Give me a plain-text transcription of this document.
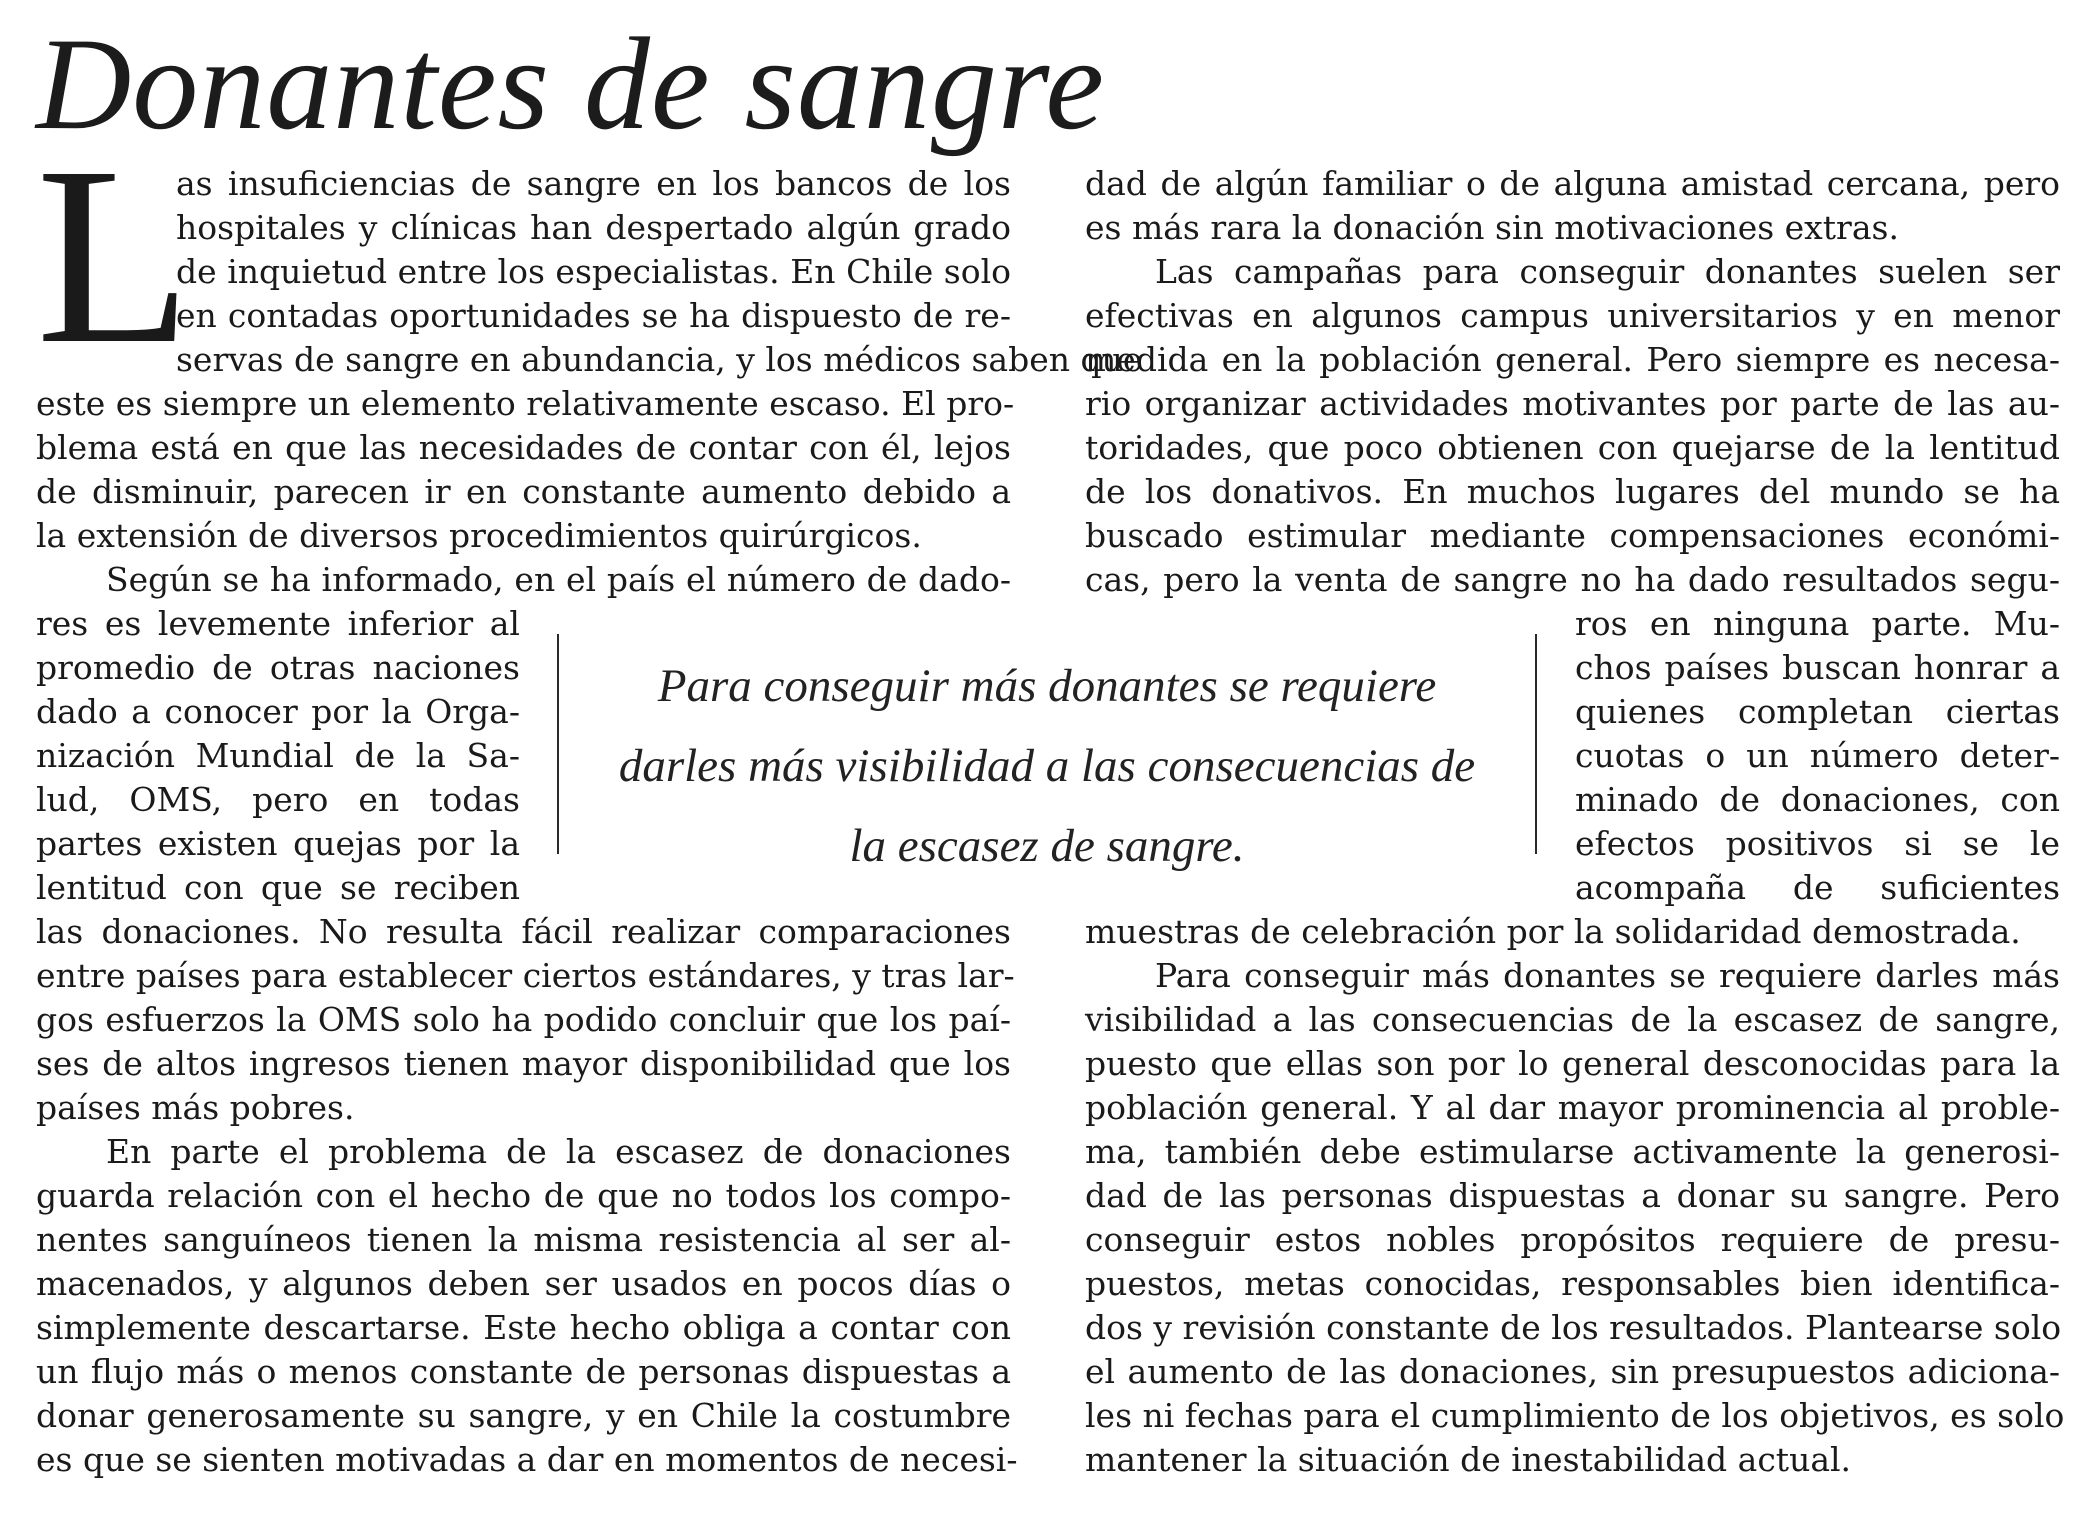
Donantes de sangre
L
as insuficiencias de sangre en los bancos de los
hospitales y clínicas han despertado algún grado
de inquietud entre los especialistas. En Chile solo
en contadas oportunidades se ha dispuesto de re-
servas de sangre en abundancia, y los médicos saben que
este es siempre un elemento relativamente escaso. El pro-
blema está en que las necesidades de contar con él, lejos
de disminuir, parecen ir en constante aumento debido a
la extensión de diversos procedimientos quirúrgicos.
Según se ha informado, en el país el número de dado-
res es levemente inferior al
promedio de otras naciones
dado a conocer por la Orga-
nización Mundial de la Sa-
lud, OMS, pero en todas
partes existen quejas por la
lentitud con que se reciben
las donaciones. No resulta fácil realizar comparaciones
entre países para establecer ciertos estándares, y tras lar-
gos esfuerzos la OMS solo ha podido concluir que los paí-
ses de altos ingresos tienen mayor disponibilidad que los
países más pobres.
En parte el problema de la escasez de donaciones
guarda relación con el hecho de que no todos los compo-
nentes sanguíneos tienen la misma resistencia al ser al-
macenados, y algunos deben ser usados en pocos días o
simplemente descartarse. Este hecho obliga a contar con
un flujo más o menos constante de personas dispuestas a
donar generosamente su sangre, y en Chile la costumbre
es que se sienten motivadas a dar en momentos de necesi-
dad de algún familiar o de alguna amistad cercana, pero
es más rara la donación sin motivaciones extras.
Las campañas para conseguir donantes suelen ser
efectivas en algunos campus universitarios y en menor
medida en la población general. Pero siempre es necesa-
rio organizar actividades motivantes por parte de las au-
toridades, que poco obtienen con quejarse de la lentitud
de los donativos. En muchos lugares del mundo se ha
buscado estimular mediante compensaciones económi-
cas, pero la venta de sangre no ha dado resultados segu-
ros en ninguna parte. Mu-
chos países buscan honrar a
quienes completan ciertas
cuotas o un número deter-
minado de donaciones, con
efectos positivos si se le
acompaña de suficientes
muestras de celebración por la solidaridad demostrada.
Para conseguir más donantes se requiere darles más
visibilidad a las consecuencias de la escasez de sangre,
puesto que ellas son por lo general desconocidas para la
población general. Y al dar mayor prominencia al proble-
ma, también debe estimularse activamente la generosi-
dad de las personas dispuestas a donar su sangre. Pero
conseguir estos nobles propósitos requiere de presu-
puestos, metas conocidas, responsables bien identifica-
dos y revisión constante de los resultados. Plantearse solo
el aumento de las donaciones, sin presupuestos adiciona-
les ni fechas para el cumplimiento de los objetivos, es solo
mantener la situación de inestabilidad actual.
Para conseguir más donantes se requiere darles más visibilidad a las consecuencias de la escasez de sangre.
